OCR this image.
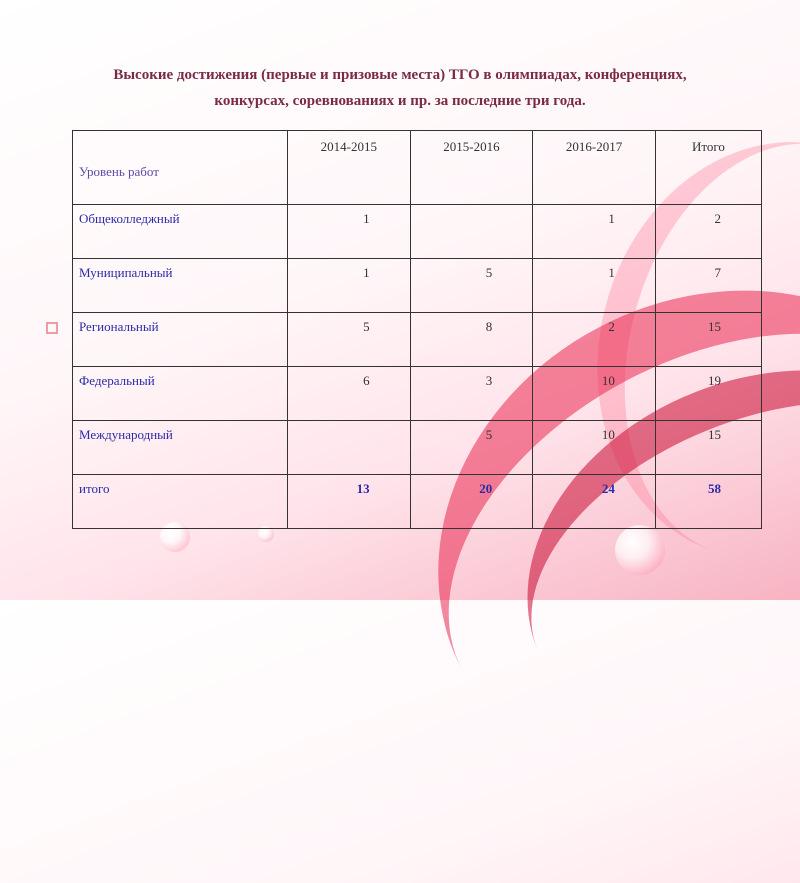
Высокие достижения (первые и призовые места) ТГО в олимпиадах, конференциях,
конкурсах, соревнованиях и пр. за последние три года.
Уровень работ	2014-2015	2015-2016	2016-2017	Итого
Общеколледжный	1		1	2
Муниципальный	1	5	1	7
Региональный	5	8	2	15
Федеральный	6	3	10	19
Международный		5	10	15
итого	13	20	24	58
